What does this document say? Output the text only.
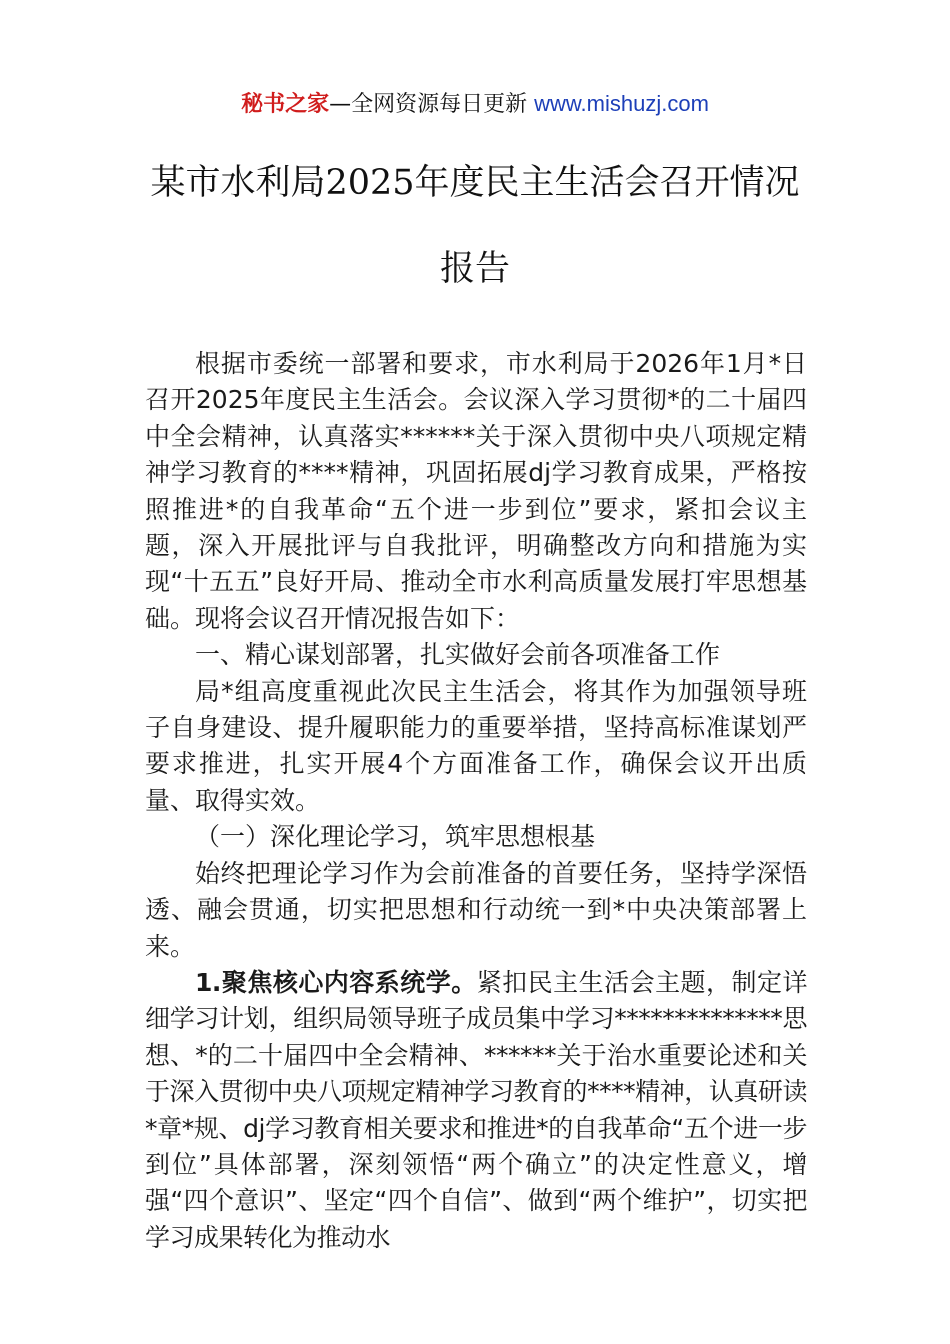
秘书之家—全网资源每日更新 www.mishuzj.com
某市水利局2025年度民主生活会召开情况
报告

根据市委统一部署和要求，市水利局于2026年1月*日召开2025年度民主生活会。会议深入学习贯彻*的二十届四中全会精神，认真落实******关于深入贯彻中央八项规定精神学习教育的****精神，巩固拓展dj学习教育成果，严格按照推进*的自我革命“五个进一步到位”要求，紧扣会议主题，深入开展批评与自我批评，明确整改方向和措施为实现“十五五”良好开局、推动全市水利高质量发展打牢思想基础。现将会议召开情况报告如下：

一、精心谋划部署，扎实做好会前各项准备工作

局*组高度重视此次民主生活会，将其作为加强领导班子自身建设、提升履职能力的重要举措，坚持高标准谋划严要求推进，扎实开展4个方面准备工作，确保会议开出质量、取得实效。

（一）深化理论学习，筑牢思想根基

始终把理论学习作为会前准备的首要任务，坚持学深悟透、融会贯通，切实把思想和行动统一到*中央决策部署上来。

1.聚焦核心内容系统学。紧扣民主生活会主题，制定详细学习计划，组织局领导班子成员集中学习**************思想、*的二十届四中全会精神、******关于治水重要论述和关于深入贯彻中央八项规定精神学习教育的****精神，认真研读*章*规、dj学习教育相关要求和推进*的自我革命“五个进一步到位”具体部署，深刻领悟“两个确立”的决定性意义，增强“四个意识”、坚定“四个自信”、做到“两个维护”，切实把学习成果转化为推动水
